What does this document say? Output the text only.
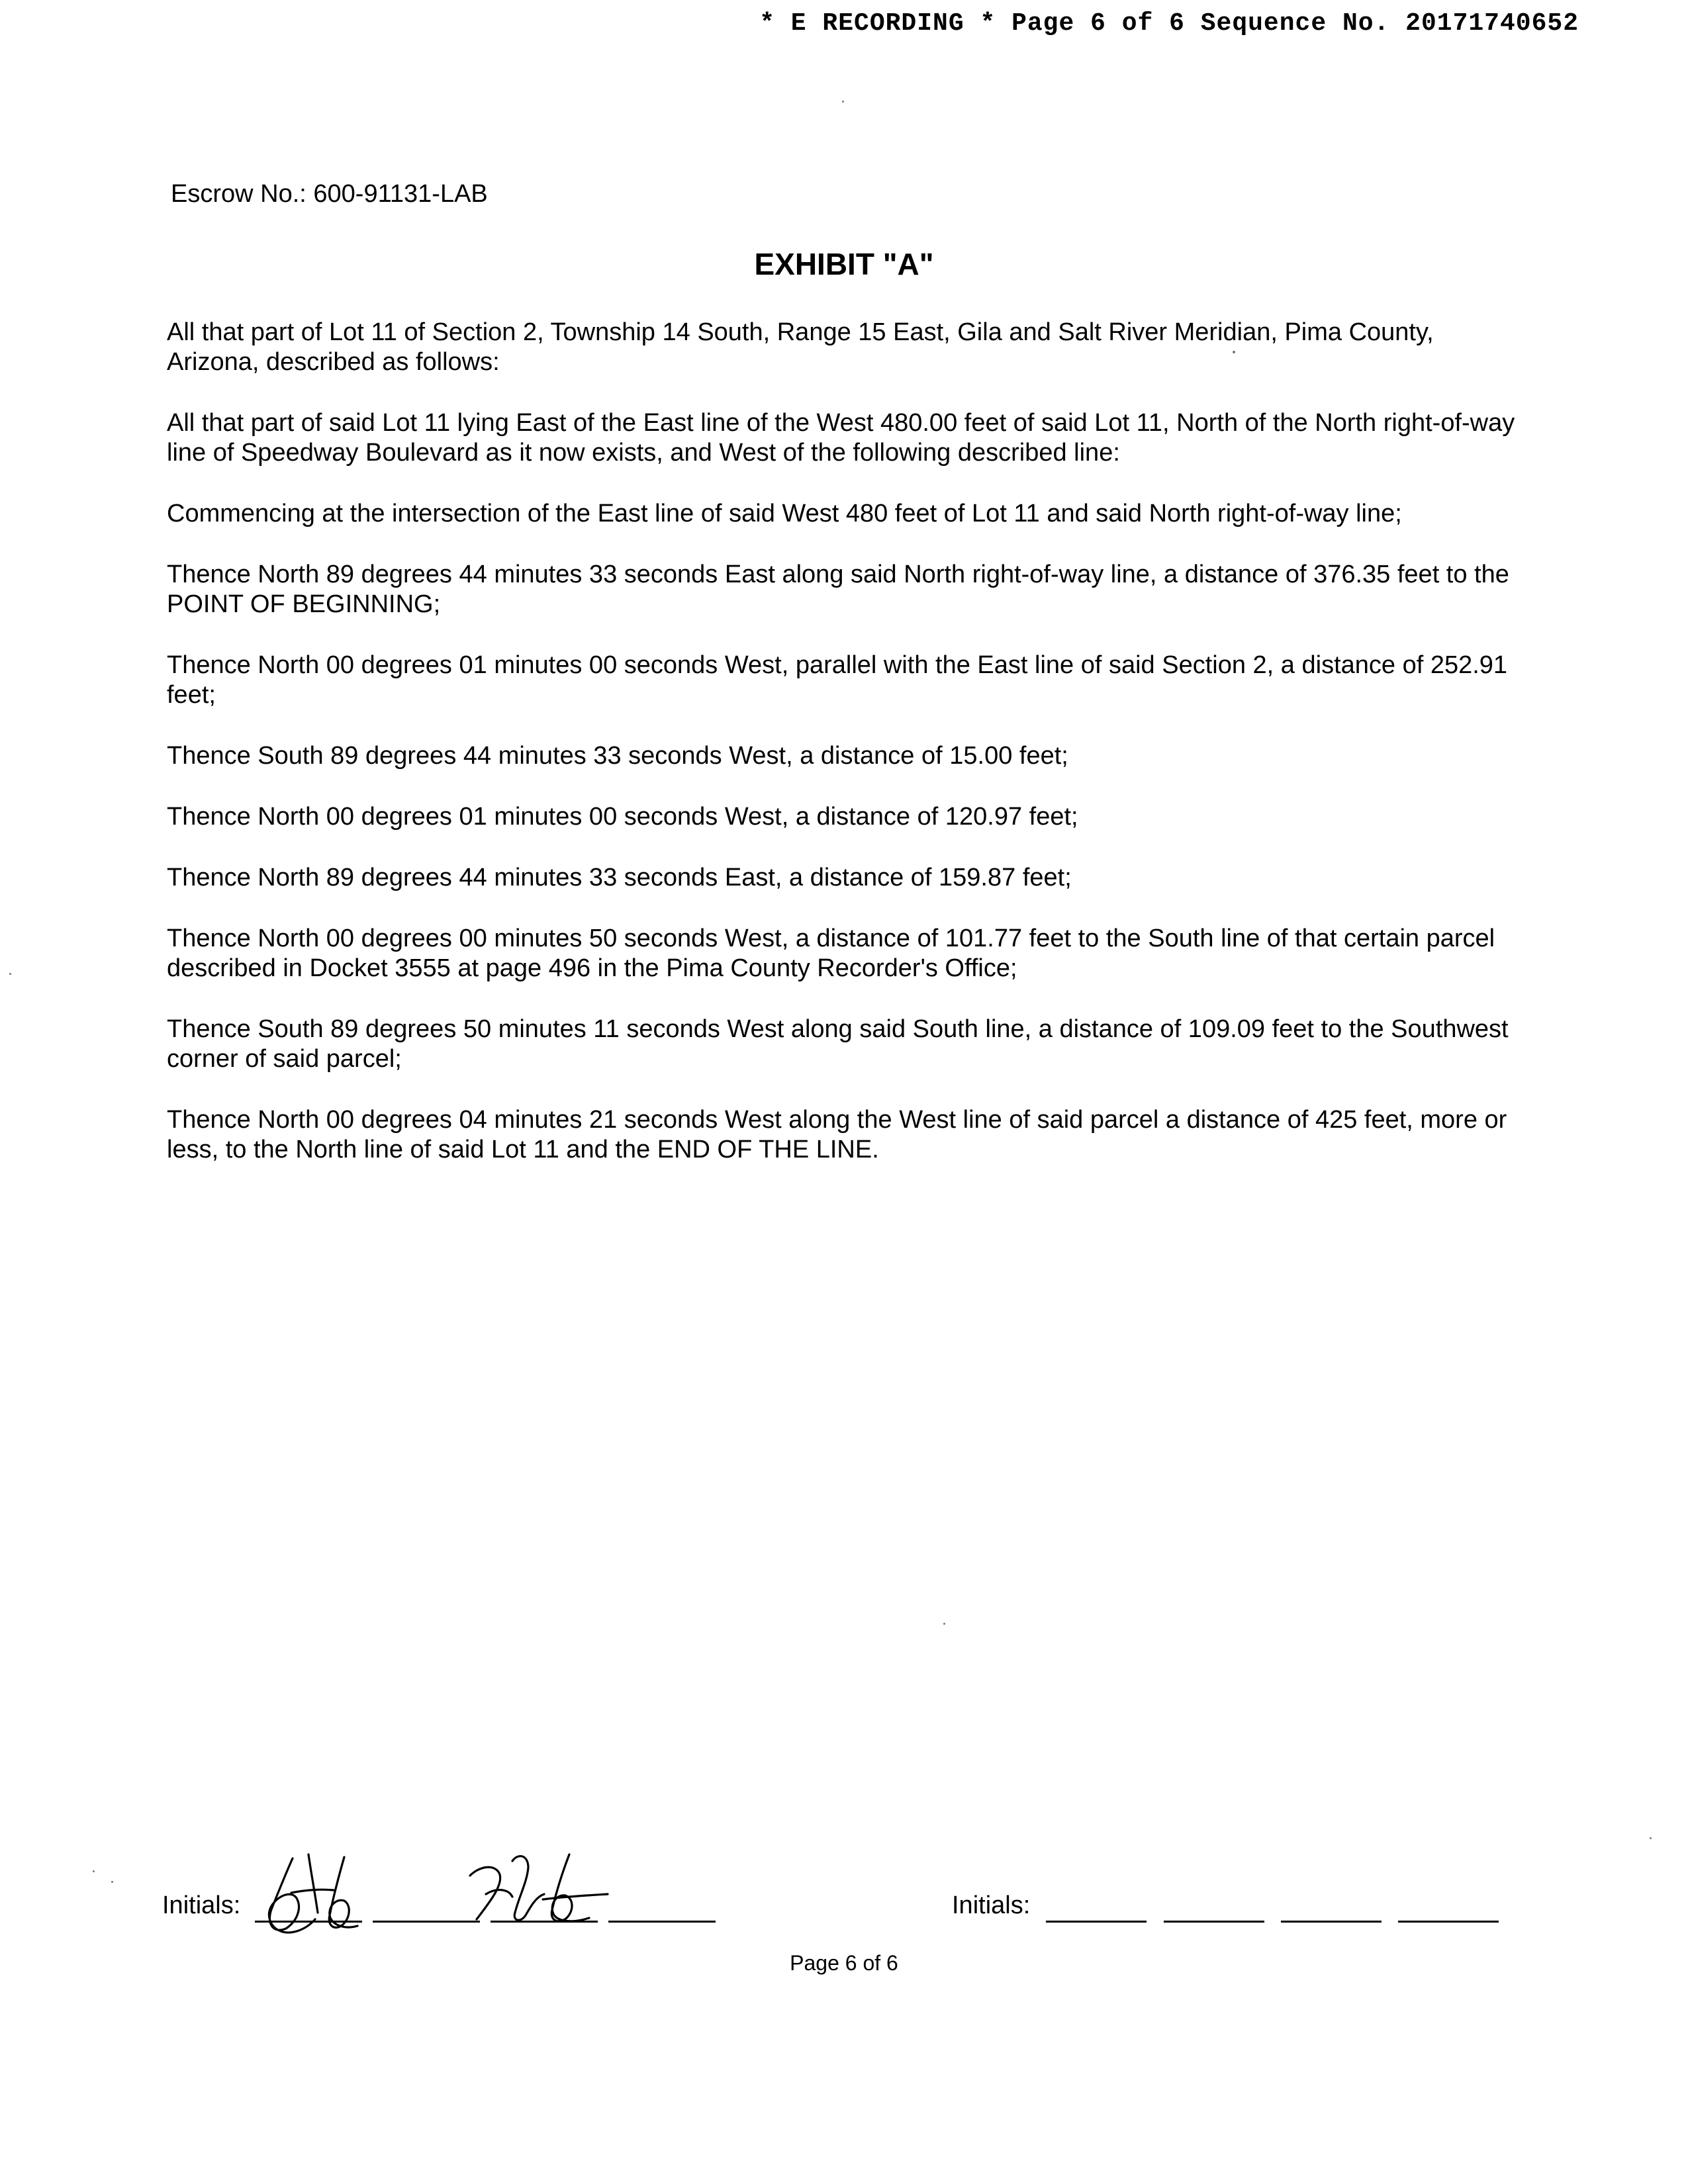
* E RECORDING * Page 6 of 6 Sequence No. 20171740652
Escrow No.: 600-91131-LAB
EXHIBIT "A"

All that part of Lot 11 of Section 2, Township 14 South, Range 15 East, Gila and Salt River Meridian, Pima County, Arizona, described as follows:

All that part of said Lot 11 lying East of the East line of the West 480.00 feet of said Lot 11, North of the North right-of-way line of Speedway Boulevard as it now exists, and West of the following described line:

Commencing at the intersection of the East line of said West 480 feet of Lot 11 and said North right-of-way line;

Thence North 89 degrees 44 minutes 33 seconds East along said North right-of-way line, a distance of 376.35 feet to the POINT OF BEGINNING;

Thence North 00 degrees 01 minutes 00 seconds West, parallel with the East line of said Section 2, a distance of 252.91 feet;

Thence South 89 degrees 44 minutes 33 seconds West, a distance of 15.00 feet;

Thence North 00 degrees 01 minutes 00 seconds West, a distance of 120.97 feet;

Thence North 89 degrees 44 minutes 33 seconds East, a distance of 159.87 feet;

Thence North 00 degrees 00 minutes 50 seconds West, a distance of 101.77 feet to the South line of that certain parcel described in Docket 3555 at page 496 in the Pima County Recorder's Office;

Thence South 89 degrees 50 minutes 11 seconds West along said South line, a distance of 109.09 feet to the Southwest corner of said parcel;

Thence North 00 degrees 04 minutes 21 seconds West along the West line of said parcel a distance of 425 feet, more or less, to the North line of said Lot 11 and the END OF THE LINE.

Initials:	Initials:
Page 6 of 6
